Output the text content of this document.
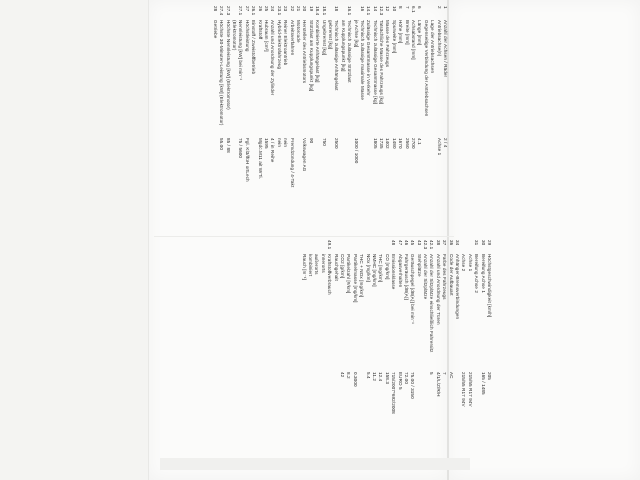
1Anzahl der Achsen / Räder2 / 4
2Antriebsachse(n)Achse 1
Lage der Antriebsachsen
Gegenseitige Verbindung der Antriebsachsen
6Länge [mm]4.1
6.1Achsabstand [mm]2700
7Breite [mm]2560
8Höhe [mm]1670
10Spurweite [mm]1480
12Masse des Fahrzeugs1402
12.3Tatsächliche Masse des Fahrzeugs [kg]1735
14Technisch zulässige Gesamtmasse [kg]1805
14.1Zulässige Gesamtmasse in Verkehr
16Technisch zulässige maximale Masse
je Achse [kg]1000 / 1000
16.1Technisch zulässige Stützlast
am Kupplungspunkt [kg]
18Technisch zulässige Anhängelast2500
gebremst [kg]
18.1Ungebremst [kg]750
18.4Kombinierte Anhängelast [kg]
19Stützlast am Kupplungspunkt [kg]90
20Hersteller des AntriebsmotorsVolkswagen AG
21Motorcode
22ArbeitsverfahrenFremdzündung / 4-Takt
23Reiner Elektroantriebnein
23.1Hybrid-Elektrofahrzeugnein
24Anzahl und Anordnung der Zylinder4 / in Reihe
25Hubraum [cm³]1595
26KraftstoffMgdc.M11 ait WrTi.
26.1Einstoff / Zweistoffbetrieb
27HöchstleistungFgl. Kl3/lfüH ortLech
27.1Nennleistung [kW] bei min⁻¹75 / 5600
(Elektromotor)
27.3Höchste Nennleistung [kW] (Elektromotor)85 / 88
27.4Höchste 30-Minuten-Leistung [kW] (Elektromotor)55.00
28Getriebe
29Höchstgeschwindigkeit [km/h]205
30Bereifung Achse 1165 / 1485
31Bereifung Achse 2
Achse 1215/55 R17 94V
Achse 2215/55 R17 94V
34Anhänger-Bremsverbindungen
36Code der AufbauartAC
37Farbe des Fahrzeugs7
38Anzahl und Anordnung der Türen4/1/L/Z/R/H
42.1Anzahl der Sitzplätze einschließlich Fahrersitz5
42.3Anzahl der Sitzplätze
43Stehplätze
45Geräuschpegel [dB(A)] bei min⁻¹75.00 / 3150
46Fahrgeräusch [dB(A)]72.00
47AbgasverhaltenEURO 5
48Emissionsklasse715/2007*692/2008
CO [mg/km]158.3
THC [mg/km]12.4
NMHC [mg/km]11.2
NOx [mg/km]5.4
THC + NOx [mg/km]
Partikelmasse [mg/km]0.3000
Partikelzahl [#/km]8.2
CO2 [g/km]42
Rauchgehalt
49.1Kraftstoffverbrauch
innerorts
außerorts
kombiniert
Rauch [m⁻¹]
